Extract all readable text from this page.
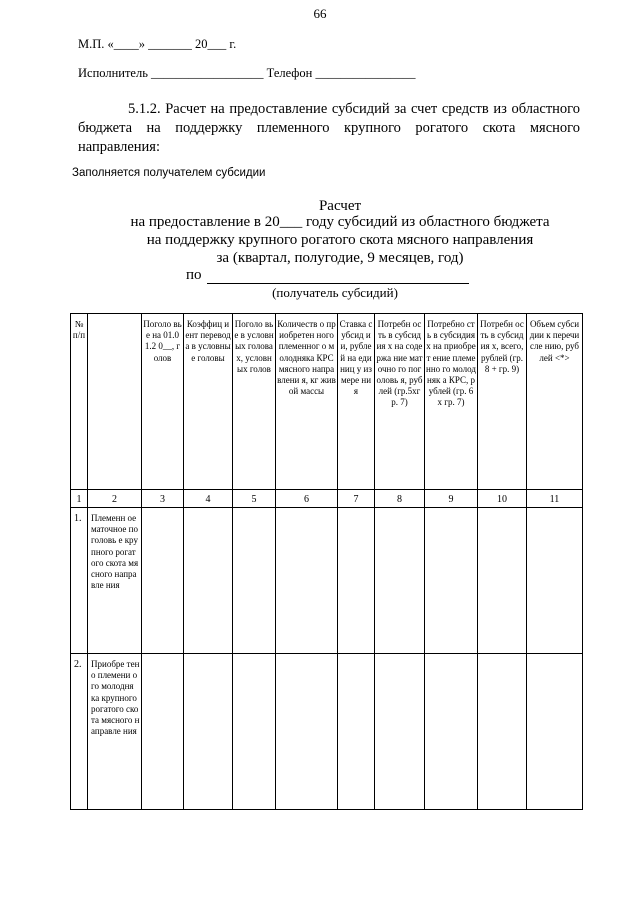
66
М.П. «____» _______ 20___ г.
Исполнитель __________________ Телефон ________________
5.1.2. Расчет на предоставление субсидий за счет средств из областного бюджета на поддержку племенного крупного рогатого скота мясного направления:
Заполняется получателем субсидии
Расчет
на предоставление в 20___ году субсидий из областного бюджета
на поддержку крупного рогатого скота мясного направления
за (квартал, полугодие, 9 месяцев, год)
по
(получатель субсидий)
№ п/п		Поголо вье на 01.01.2 0__, голов	Коэффиц иент перевода в условные головы	Поголо вье в условн ых голова х, условн ых голов	Количеств о приобретен ного племенног о молодняка КРС мясного направлени я, кг живой массы	Ставка субсид ии, рублей на единиц у измере ния	Потребн ость в субсидия х на содержа ние маточно го поголовь я, рублей (гр.5хгр. 7)	Потребно сть в субсидия х на приобрет ение племенно го молодняк а КРС, рублей (гр. 6 х гр. 7)	Потребн ость в субсидия х, всего, рублей (гр. 8 + гр. 9)	Объем субсидии к перечисле нию, рублей <*>
1	2	3	4	5	6	7	8	9	10	11
1.	Племенн ое маточное поголовь е крупного рогатого скота мясного направле ния									
2.	Приобре тено племени ого молодня ка крупного рогатого скота мясного направле ния									
